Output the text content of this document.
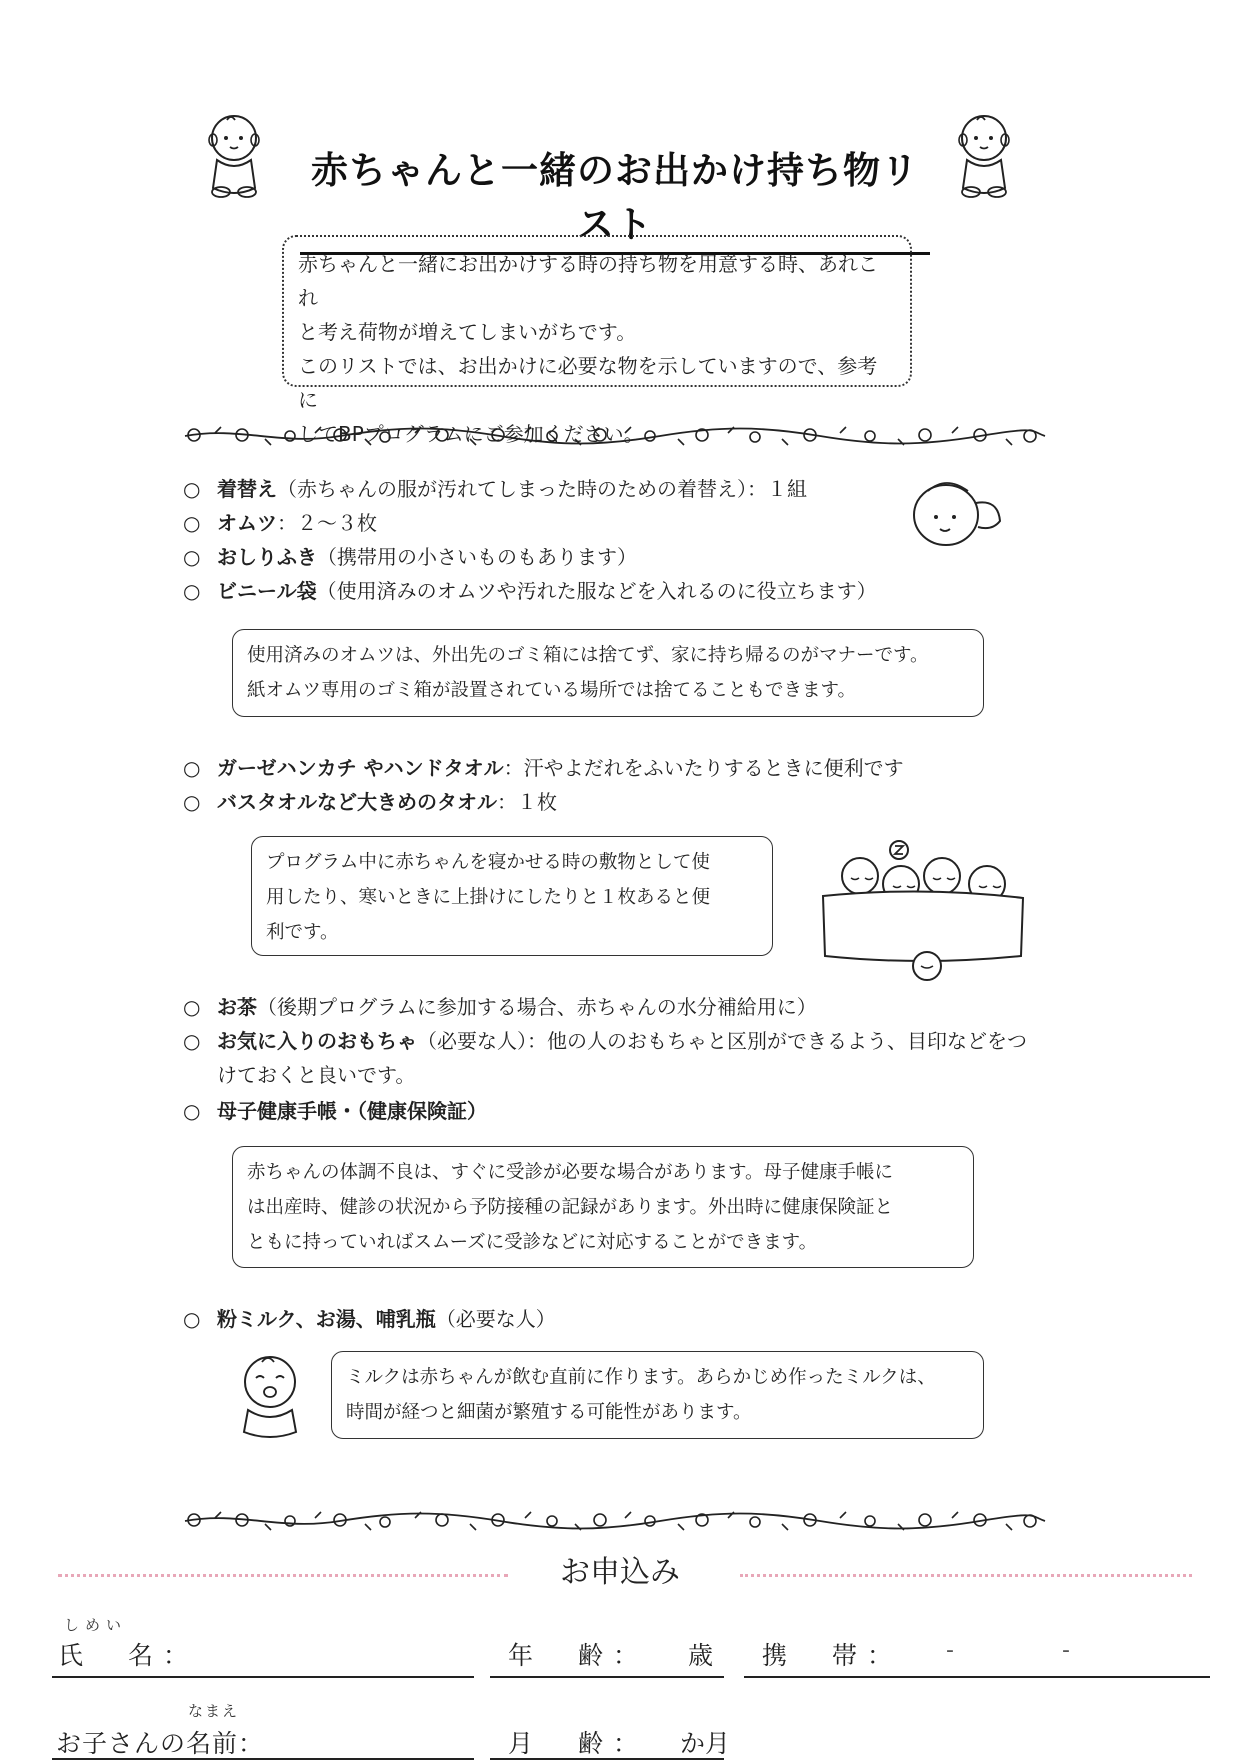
赤ちゃんと一緒のお出かけ持ち物リスト

赤ちゃんと一緒にお出かけする時の持ち物を用意する時、あれこれ

と考え荷物が増えてしまいがちです。

このリストでは、お出かけに必要な物を示していますので、参考に

してBPプログラムにご参加ください。

○ 着替え（赤ちゃんの服が汚れてしまった時のための着替え）：１組
○ オムツ：２～３枚
○ おしりふき（携帯用の小さいものもあります）
○ ビニール袋（使用済みのオムツや汚れた服などを入れるのに役立ちます）

使用済みのオムツは、外出先のゴミ箱には捨てず、家に持ち帰るのがマナーです。

紙オムツ専用のゴミ箱が設置されている場所では捨てることもできます。

○ ガーゼハンカチ やハンドタオル：汗やよだれをふいたりするときに便利です
○ バスタオルなど大きめのタオル：１枚

プログラム中に赤ちゃんを寝かせる時の敷物として使

用したり、寒いときに上掛けにしたりと１枚あると便

利です。

○ お茶（後期プログラムに参加する場合、赤ちゃんの水分補給用に）
○ お気に入りのおもちゃ（必要な人）：他の人のおもちゃと区別ができるよう、目印などをつ
けておくと良いです。
○ 母子健康手帳・（健康保険証）

赤ちゃんの体調不良は、すぐに受診が必要な場合があります。母子健康手帳に

は出産時、健診の状況から予防接種の記録があります。外出時に健康保険証と

ともに持っていればスムーズに受診などに対応することができます。

○ 粉ミルク、お湯、哺乳瓶（必要な人）

ミルクは赤ちゃんが飲む直前に作ります。あらかじめ作ったミルクは、

時間が経つと細菌が繁殖する可能性があります。

お申込み
しめい
氏　名：	年　齢： 歳 携　帯： -	-
なまえ
お子さんの名前：	月　齢： か月
